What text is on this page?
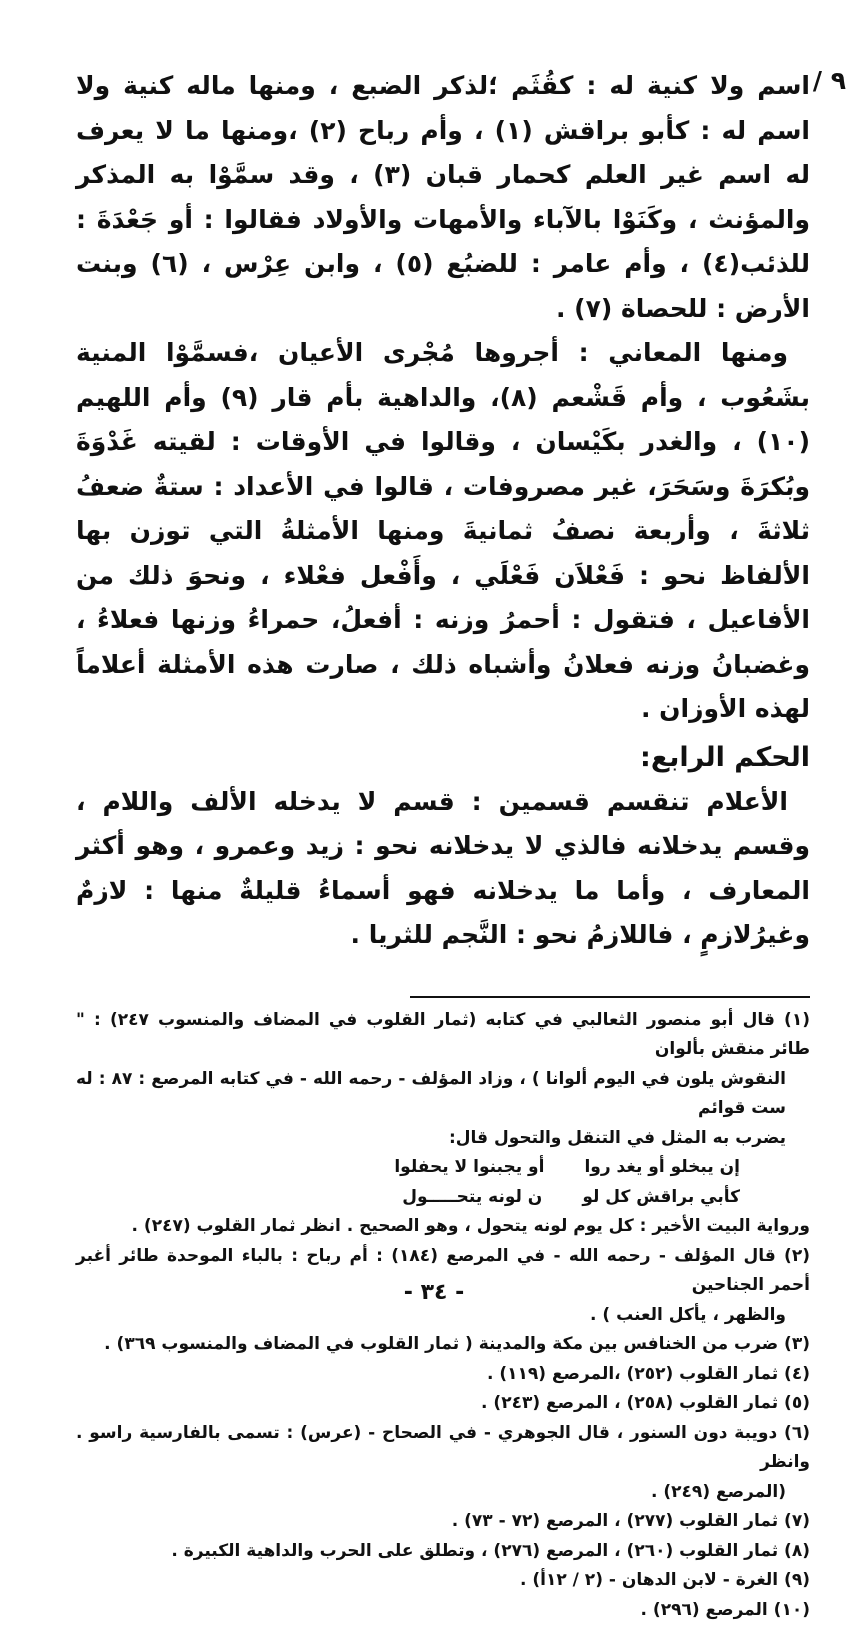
/ ٩

اسم ولا كنية له : كقُثَم ؛لذكر الضبع ، ومنها ماله كنية ولا اسم له : كأبو براقش (١) ، وأم رباح (٢) ،ومنها ما لا يعرف له اسم غير العلم كحمار قبان (٣) ، وقد سمَّوْا به المذكر والمؤنث ، وكَنَوْا بالآباء والأمهات والأولاد فقالوا : أو جَعْدَةَ : للذئب(٤) ، وأم عامر : للضبُع (٥) ، وابن عِرْس ، (٦) وبنت الأرض : للحصاة (٧) .

ومنها المعاني : أجروها مُجْرى الأعيان ،فسمَّوْا المنية بشَعُوب ، وأم قَشْعم (٨)، والداهية بأم قار (٩) وأم اللهيم (١٠) ، والغدر بكَيْسان ، وقالوا في الأوقات : لقيته غَدْوَةَ وبُكرَةَ وسَحَرَ، غير مصروفات ، قالوا في الأعداد : ستةٌ ضعفُ ثلاثةَ ، وأربعة نصفُ ثمانيةَ ومنها الأمثلةُ التي توزن بها الألفاظ نحو : فَعْلاَن فَعْلَي ، وأَفْعل فعْلاء ، ونحوَ ذلك من الأفاعيل ، فتقول : أحمرُ وزنه : أفعلُ، حمراءُ وزنها فعلاءُ ، وغضبانُ وزنه فعلانُ وأشباه ذلك ، صارت هذه الأمثلة أعلاماً لهذه الأوزان .

الحكم الرابع:

الأعلام تنقسم قسمين : قسم لا يدخله الألف واللام ، وقسم يدخلانه فالذي لا يدخلانه نحو : زيد وعمرو ، وهو أكثر المعارف ، وأما ما يدخلانه فهو أسماءُ قليلةٌ منها : لازمٌ وغيرُلازمٍ ، فاللازمُ نحو : النَّجم للثريا .

(١) قال أبو منصور الثعالبي في كتابه (ثمار القلوب في المضاف والمنسوب ٢٤٧) : " طائر منقش بألوان

النقوش يلون في اليوم ألوانا ) ، وزاد المؤلف - رحمه الله - في كتابه المرصع : ٨٧ : له ست قوائم

يضرب به المثل في التنقل والتحول قال:

إن يبخلو أو يغد روا
أو يجبنوا لا يحفلوا
كأبي براقش كل لو
ن لونه يتحـــــول

ورواية البيت الأخير : كل يوم لونه يتحول ، وهو الصحيح . انظر ثمار القلوب (٢٤٧) .

(٢) قال المؤلف - رحمه الله - في المرصع (١٨٤) : أم رباح : بالباء الموحدة طائر أغبر أحمر الجناحين

والظهر ، يأكل العنب ) .

(٣) ضرب من الخنافس بين مكة والمدينة ( ثمار القلوب في المضاف والمنسوب ٣٦٩) .

(٤) ثمار القلوب (٢٥٢) ،المرصع (١١٩) .

(٥) ثمار القلوب (٢٥٨) ، المرصع (٢٤٣) .

(٦) دويبة دون السنور ، قال الجوهري - في الصحاح - (عرس) : تسمى بالفارسية راسو . وانظر

(المرصع (٢٤٩) .

(٧) ثمار القلوب (٢٧٧) ، المرصع (٧٢ - ٧٣) .

(٨) ثمار القلوب (٢٦٠) ، المرصع (٢٧٦) ، وتطلق على الحرب والداهية الكبيرة .

(٩) الغرة - لابن الدهان - (٢ / ١٢أ) .

(١٠) المرصع (٢٩٦) .

- ٣٤ -
